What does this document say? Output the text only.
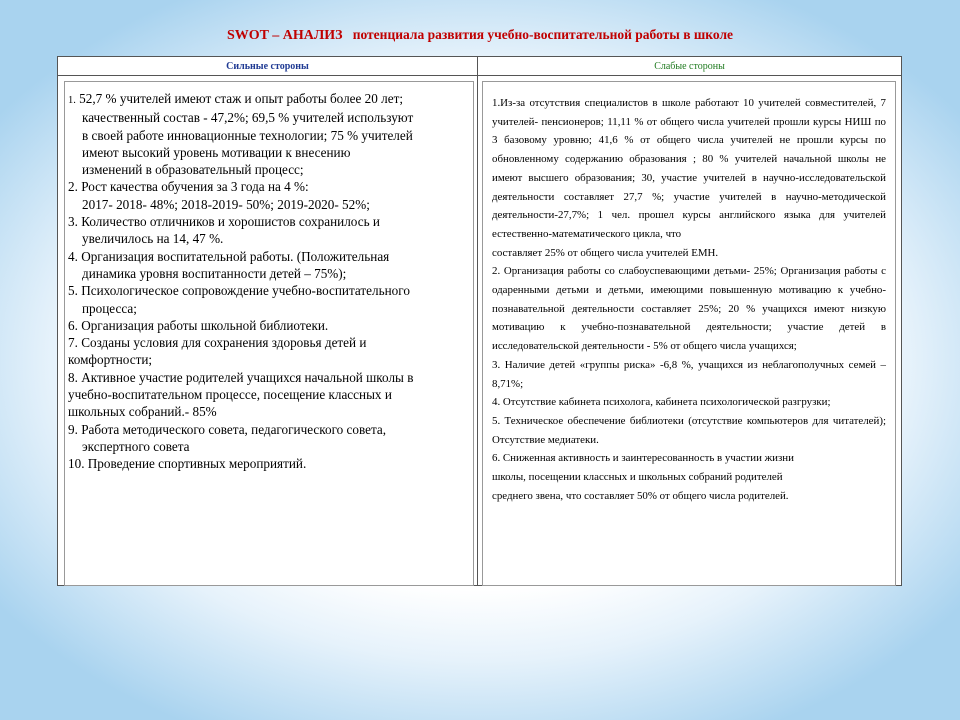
SWOT – АНАЛИЗ потенциала развития учебно-воспитательной работы в школе
Сильные стороны	Слабые стороны

1. 52,7 % учителей имеют стаж и опыт работы более 20 лет;

качественный состав - 47,2%; 69,5 % учителей используют

в своей работе инновационные технологии; 75 % учителей

имеют высокий уровень мотивации к внесению

изменений в образовательный процесс;

2. Рост качества обучения за 3 года на 4 %:

2017- 2018- 48%; 2018-2019- 50%; 2019-2020- 52%;

3. Количество отличников и хорошистов сохранилось и

увеличилось на 14, 47 %.

4. Организация воспитательной работы. (Положительная

динамика уровня воспитанности детей – 75%);

5. Психологическое сопровождение учебно-воспитательного

процесса;

6. Организация работы школьной библиотеки.

7. Созданы условия для сохранения здоровья детей и

комфортности;

8. Активное участие родителей учащихся начальной школы в

учебно-воспитательном процессе, посещение классных и

школьных собраний.- 85%

9. Работа методического совета, педагогического совета,

экспертного совета

10. Проведение спортивных мероприятий.

1.Из-за отсутствия специалистов в школе работают 10 учителей совместителей, 7 учителей- пенсионеров; 11,11 % от общего числа учителей прошли курсы НИШ по 3 базовому уровню; 41,6 % от общего числа учителей не прошли курсы по обновленному содержанию образования ; 80 % учителей начальной школы не имеют высшего образования; 30, участие учителей в научно-исследовательской деятельности составляет 27,7 %; участие учителей в научно-методической деятельности-27,7%; 1 чел. прошел курсы английского языка для учителей естественно-математического цикла, что

составляет 25% от общего числа учителей ЕМН.

2. Организация работы со слабоуспевающими детьми- 25%; Организация работы с одаренными детьми и детьми, имеющими повышенную мотивацию к учебно-познавательной деятельности составляет 25%; 20 % учащихся имеют низкую мотивацию к учебно-познавательной деятельности; участие детей в исследовательской деятельности - 5% от общего числа учащихся;

3. Наличие детей «группы риска» -6,8 %, учащихся из неблагополучных семей – 8,71%;

4. Отсутствие кабинета психолога, кабинета психологической разгрузки;

5. Техническое обеспечение библиотеки (отсутствие компьютеров для читателей); Отсутствие медиатеки.

6. Сниженная активность и заинтересованность в участии жизни

школы, посещении классных и школьных собраний родителей

среднего звена, что составляет 50% от общего числа родителей.
